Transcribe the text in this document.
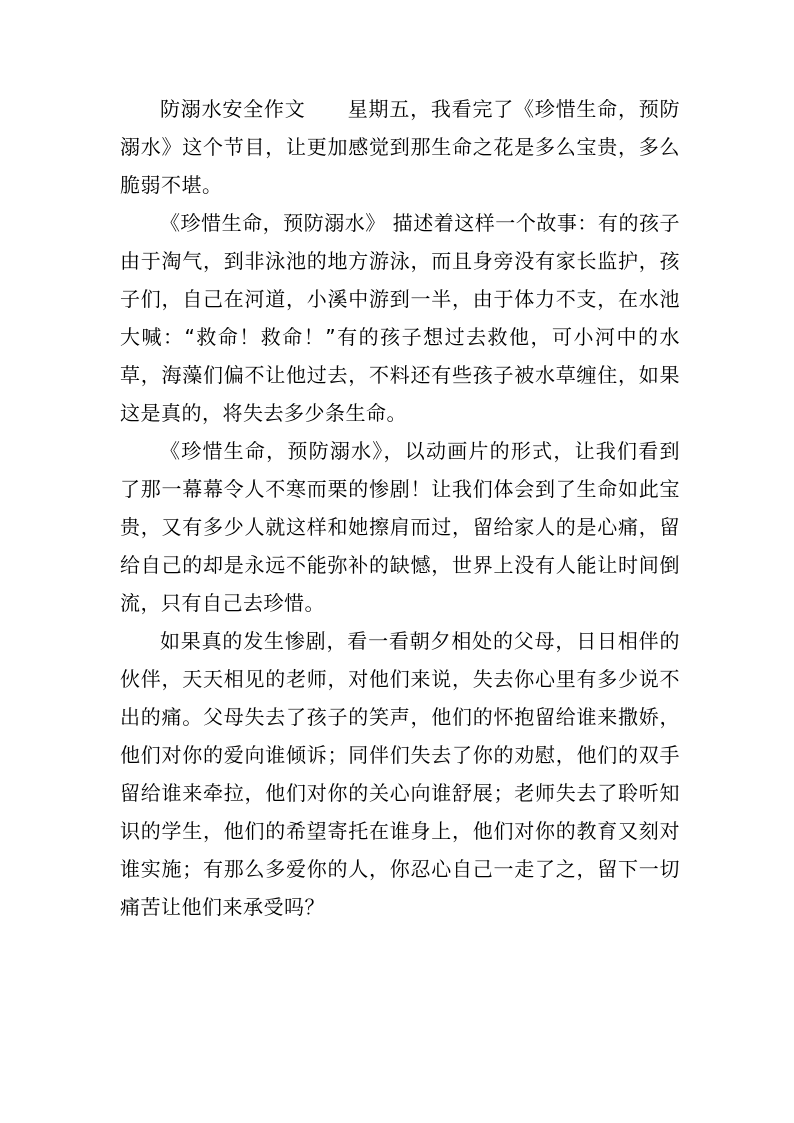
防溺水安全作文 星期五，我看完了《珍惜生命，预防溺水》这个节目，让更加感觉到那生命之花是多么宝贵，多么脆弱不堪。

《珍惜生命，预防溺水》 描述着这样一个故事：有的孩子由于淘气，到非泳池的地方游泳，而且身旁没有家长监护，孩子们，自己在河道，小溪中游到一半，由于体力不支，在水池大喊：“救命！救命！”有的孩子想过去救他，可小河中的水草，海藻们偏不让他过去，不料还有些孩子被水草缠住，如果这是真的，将失去多少条生命。

《珍惜生命，预防溺水》，以动画片的形式，让我们看到了那一幕幕令人不寒而栗的惨剧！让我们体会到了生命如此宝贵，又有多少人就这样和她擦肩而过，留给家人的是心痛，留给自己的却是永远不能弥补的缺憾，世界上没有人能让时间倒流，只有自己去珍惜。

如果真的发生惨剧，看一看朝夕相处的父母，日日相伴的伙伴，天天相见的老师，对他们来说，失去你心里有多少说不出的痛。父母失去了孩子的笑声，他们的怀抱留给谁来撒娇，他们对你的爱向谁倾诉；同伴们失去了你的劝慰，他们的双手留给谁来牵拉，他们对你的关心向谁舒展；老师失去了聆听知识的学生，他们的希望寄托在谁身上，他们对你的教育又刻对谁实施；有那么多爱你的人，你忍心自己一走了之，留下一切痛苦让他们来承受吗？
